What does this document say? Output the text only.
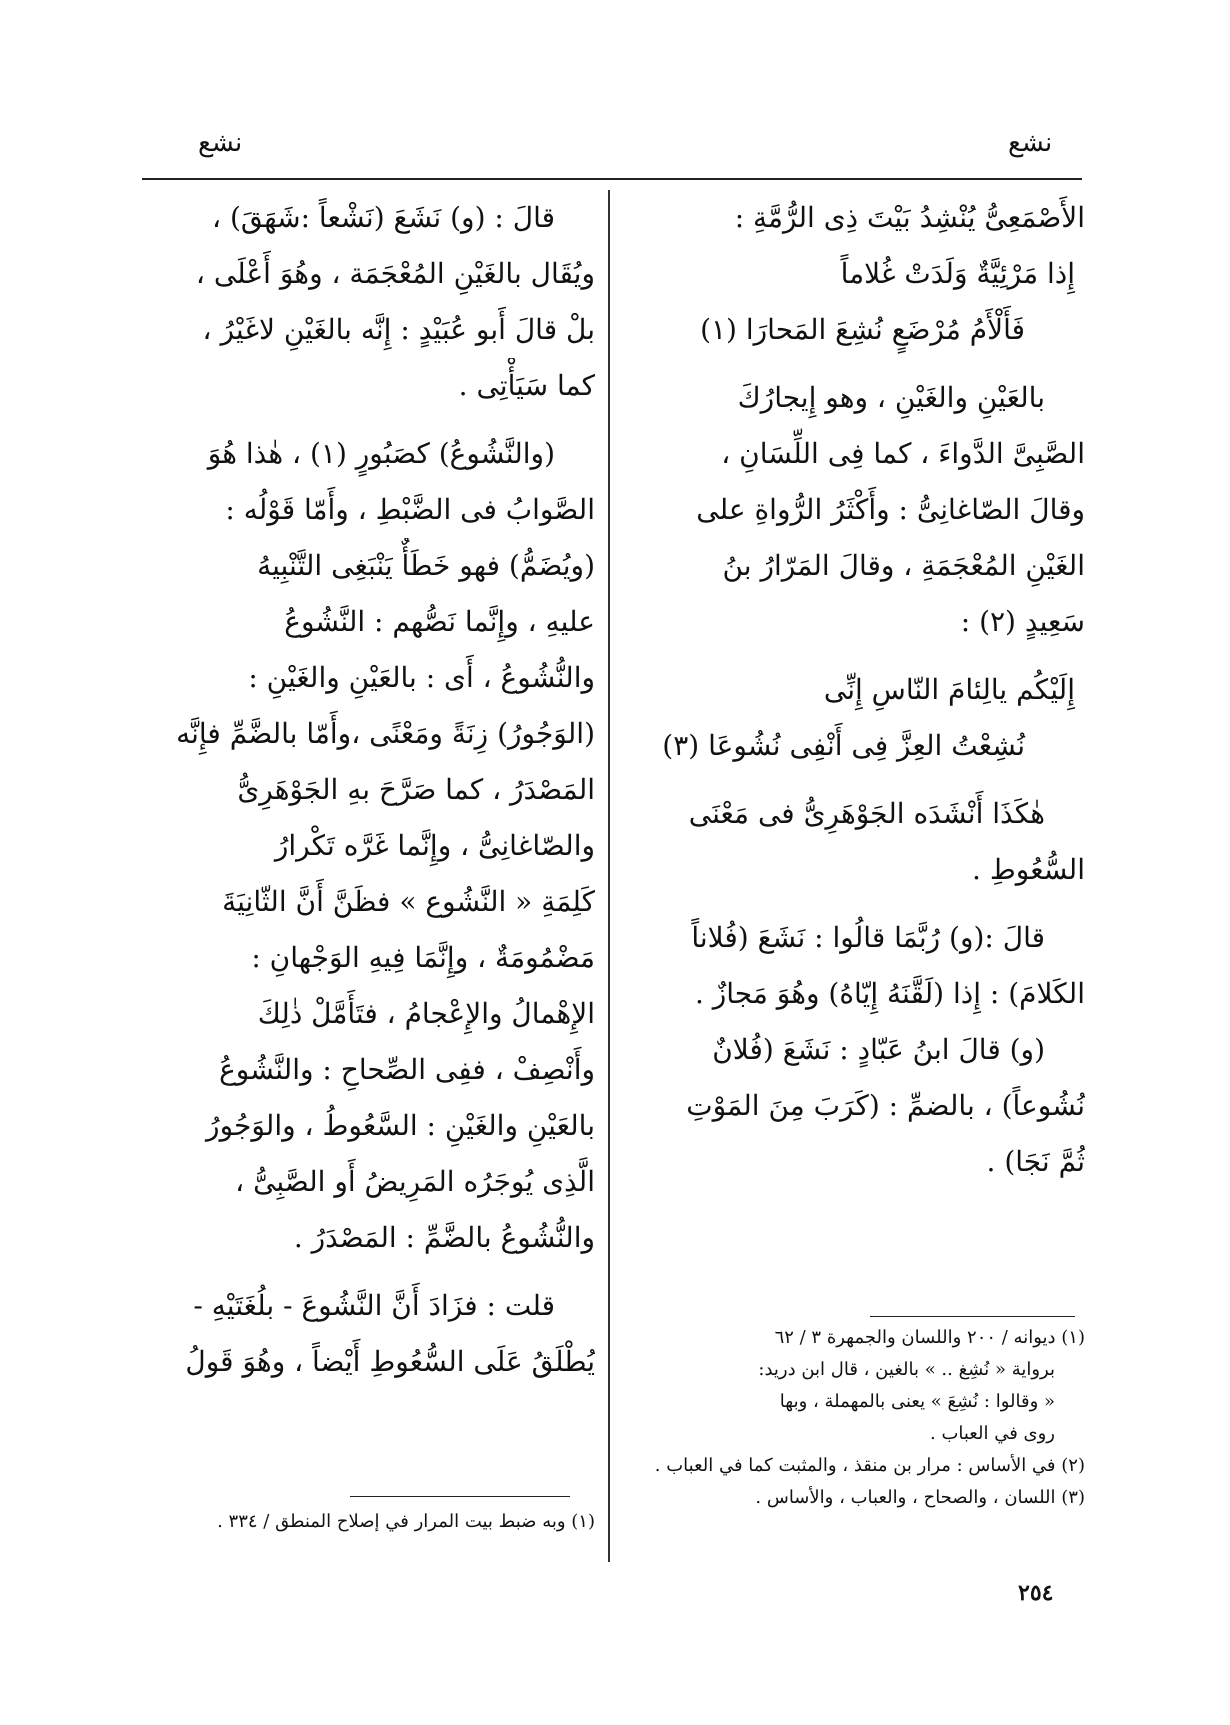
نشع
نشع
الأَصْمَعِىُّ يُنْشِدُ بَيْتَ ذِى الرُّمَّةِ :
إِذا مَرْئِيَّةٌ وَلَدَتْ غُلاماً
فَأَلْأَمُ مُرْضَعٍ نُشِعَ المَحارَا (١)
بالعَيْنِ والغَيْنِ ، وهو إِيجارُكَ
الصَّبِىَّ الدَّواءَ ، كما فِى اللِّسَانِ ،
وقالَ الصّاغانِىُّ : وأَكْثَرُ الرُّواةِ على
الغَيْنِ المُعْجَمَةِ ، وقالَ المَرّارُ بنُ
سَعِيدٍ (٢) :
إِلَيْكُم يالِئامَ النّاسِ إِنِّى
نُشِعْتُ العِزَّ فِى أَنْفِى نُشُوعَا (٣)
هٰكَذَا أَنْشَدَه الجَوْهَرِىُّ فى مَعْنَى
السُّعُوطِ .
قالَ :(و) رُبَّمَا قالُوا : نَشَعَ (فُلاناً
الكَلامَ) : إِذا (لَقَّنَهُ إِيّاهُ) وهُوَ مَجازٌ .
(و) قالَ ابنُ عَبّادٍ : نَشَعَ (فُلانٌ
نُشُوعاً) ، بالضمِّ : (كَرَبَ مِنَ المَوْتِ
ثُمَّ نَجَا) .
(١) ديوانه / ٢٠٠ واللسان والجمهرة ٣ / ٦٢
برواية « نُشِغ .. » بالغين ، قال ابن دريد:
« وقالوا : نُشِعَ » يعنى بالمهملة ، وبها
روى في العباب .
(٢) في الأساس : مرار بن منقذ ، والمثبت كما في العباب .
(٣) اللسان ، والصحاح ، والعباب ، والأساس .
قالَ : (و) نَشَعَ (نَشْعاً :شَهَقَ) ،
ويُقَال بالغَيْنِ المُعْجَمَة ، وهُوَ أَعْلَى ،
بلْ قالَ أَبو عُبَيْدٍ : إِنَّه بالغَيْنِ لاغَيْرُ ،
كما سَيَأْتِى .
(والنَّشُوعُ) كصَبُورٍ (١) ، هٰذا هُوَ
الصَّوابُ فى الضَّبْطِ ، وأَمّا قَوْلُه :
(ويُضَمُّ) فهو خَطَأٌ يَنْبَغِى التَّنْبِيهُ
عليهِ ، وإِنَّما نَصُّهم : النَّشُوعُ
والنُّشُوعُ ، أَى : بالعَيْنِ والغَيْنِ :
(الوَجُورُ) زِنَةً ومَعْنًى ،وأَمّا بالضَّمِّ فإِنَّه
المَصْدَرُ ، كما صَرَّحَ بهِ الجَوْهَرِىُّ
والصّاغانِىُّ ، وإِنَّما غَرَّه تَكْرارُ
كَلِمَةِ « النَّشُوع » فظَنَّ أَنَّ الثّانِيَةَ
مَضْمُومَةٌ ، وإِنَّمَا فِيهِ الوَجْهانِ :
الإِهْمالُ والإِعْجامُ ، فتَأَمَّلْ ذٰلِكَ
وأَنْصِفْ ، ففِى الصِّحاحِ : والنَّشُوعُ
بالعَيْنِ والغَيْنِ : السَّعُوطُ ، والوَجُورُ
الَّذِى يُوجَرُه المَرِيضُ أَو الصَّبِىُّ ،
والنُّشُوعُ بالضَّمِّ : المَصْدَرُ .
قلت : فزَادَ أَنَّ النَّشُوعَ - بلُغَتَيْهِ -
يُطْلَقُ عَلَى السُّعُوطِ أَيْضاً ، وهُوَ قَولُ
(١) وبه ضبط بيت المرار في إصلاح المنطق / ٣٣٤ .
٢٥٤
